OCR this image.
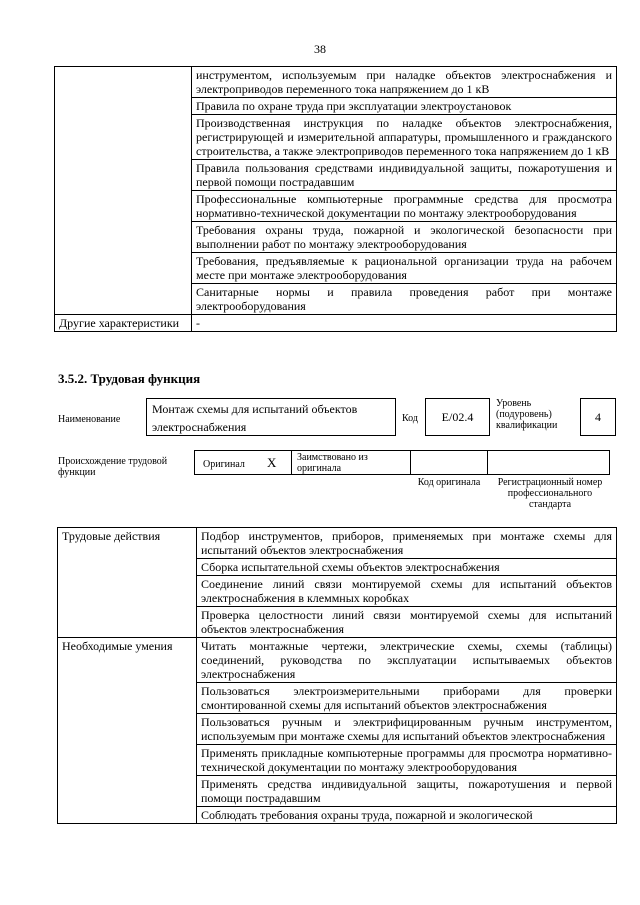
38
	инструментом, используемым при наладке объектов электроснабжения и электроприводов переменного тока напряжением до 1 кВ
	Правила по охране труда при эксплуатации электроустановок
	Производственная инструкция по наладке объектов электроснабжения, регистрирующей и измерительной аппаратуры, промышленного и гражданского строительства, а также электроприводов переменного тока напряжением до 1 кВ
	Правила пользования средствами индивидуальной защиты, пожаротушения и первой помощи пострадавшим
	Профессиональные компьютерные программные средства для просмотра нормативно-технической документации по монтажу электрооборудования
	Требования охраны труда, пожарной и экологической безопасности при выполнении работ по монтажу электрооборудования
	Требования, предъявляемые к рациональной организации труда на рабочем месте при монтаже электрооборудования
	Санитарные нормы и правила проведения работ при монтаже электрооборудования
Другие характеристики	-
3.5.2. Трудовая функция
Наименование
Монтаж схемы для испытаний объектов электроснабжения
Код	E/02.4
Уровень (подуровень) квалификации
4
Происхождение трудовой функции
Оригинал X Заимствовано из оригинала
Код оригинала	Регистрационный номер профессионального стандарта
Трудовые действия	Подбор инструментов, приборов, применяемых при монтаже схемы для испытаний объектов электроснабжения
	Сборка испытательной схемы объектов электроснабжения
	Соединение линий связи монтируемой схемы для испытаний объектов электроснабжения в клеммных коробках
	Проверка целостности линий связи монтируемой схемы для испытаний объектов электроснабжения
Необходимые умения	Читать монтажные чертежи, электрические схемы, схемы (таблицы) соединений, руководства по эксплуатации испытываемых объектов электроснабжения
	Пользоваться электроизмерительными приборами для проверки смонтированной схемы для испытаний объектов электроснабжения
	Пользоваться ручным и электрифицированным ручным инструментом, используемым при монтаже схемы для испытаний объектов электроснабжения
	Применять прикладные компьютерные программы для просмотра нормативно-технической документации по монтажу электрооборудования
	Применять средства индивидуальной защиты, пожаротушения и первой помощи пострадавшим
	Соблюдать требования охраны труда, пожарной и экологической
